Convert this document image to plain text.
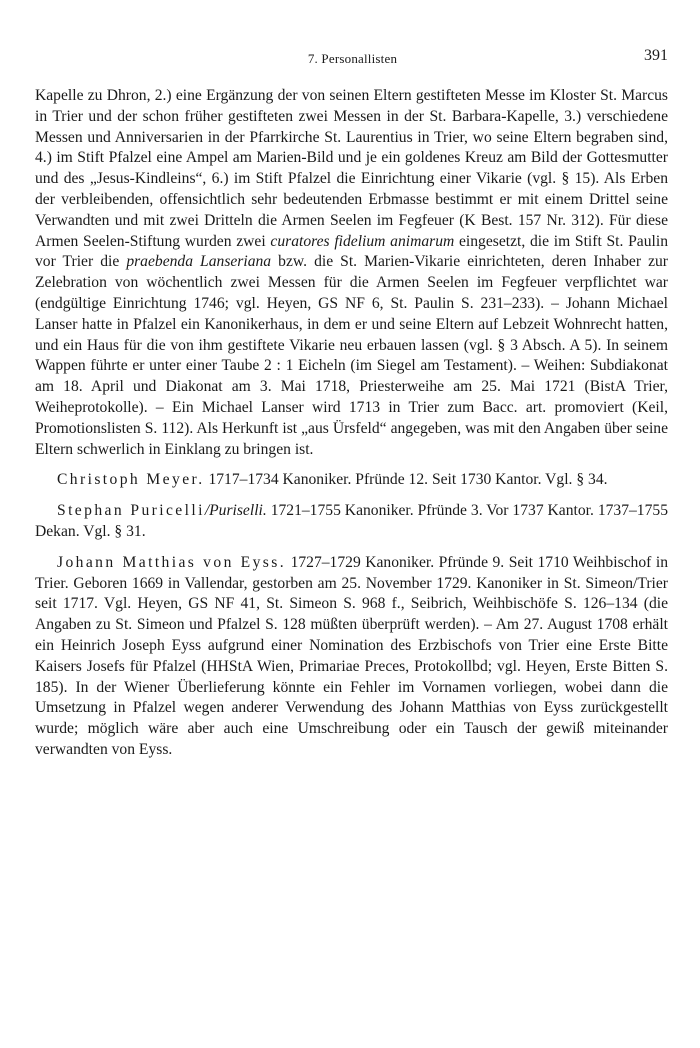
7. Personallisten	391

Kapelle zu Dhron, 2.) eine Ergänzung der von seinen Eltern gestifteten Messe im Kloster St. Marcus in Trier und der schon früher gestifteten zwei Messen in der St. Barbara-Kapelle, 3.) verschiedene Messen und Anniversarien in der Pfarrkirche St. Laurentius in Trier, wo seine Eltern begraben sind, 4.) im Stift Pfalzel eine Ampel am Marien-Bild und je ein goldenes Kreuz am Bild der Gottesmutter und des „Jesus-Kindleins“, 6.) im Stift Pfalzel die Einrichtung einer Vikarie (vgl. § 15). Als Erben der verbleibenden, offensichtlich sehr bedeutenden Erbmasse bestimmt er mit einem Drittel seine Verwandten und mit zwei Dritteln die Armen Seelen im Fegfeuer (K Best. 157 Nr. 312). Für diese Armen Seelen-Stiftung wurden zwei curatores fidelium animarum eingesetzt, die im Stift St. Paulin vor Trier die praebenda Lanseriana bzw. die St. Marien-Vikarie einrichteten, deren Inhaber zur Zelebration von wöchentlich zwei Messen für die Armen Seelen im Fegfeuer verpflichtet war (endgültige Einrichtung 1746; vgl. Heyen, GS NF 6, St. Paulin S. 231–233). – Johann Michael Lanser hatte in Pfalzel ein Kanonikerhaus, in dem er und seine Eltern auf Lebzeit Wohnrecht hatten, und ein Haus für die von ihm gestiftete Vikarie neu erbauen lassen (vgl. § 3 Absch. A 5). In seinem Wappen führte er unter einer Taube 2 : 1 Eicheln (im Siegel am Testament). – Weihen: Subdiakonat am 18. April und Diakonat am 3. Mai 1718, Priesterweihe am 25. Mai 1721 (BistA Trier, Weiheprotokolle). – Ein Michael Lanser wird 1713 in Trier zum Bacc. art. promoviert (Keil, Promotionslisten S. 112). Als Herkunft ist „aus Ürsfeld“ angegeben, was mit den Angaben über seine Eltern schwerlich in Einklang zu bringen ist.

Christoph Meyer. 1717–1734 Kanoniker. Pfründe 12. Seit 1730 Kantor. Vgl. § 34.

Stephan Puricelli/Puriselli. 1721–1755 Kanoniker. Pfründe 3. Vor 1737 Kantor. 1737–1755 Dekan. Vgl. § 31.

Johann Matthias von Eyss. 1727–1729 Kanoniker. Pfründe 9. Seit 1710 Weihbischof in Trier. Geboren 1669 in Vallendar, gestorben am 25. November 1729. Kanoniker in St. Simeon/Trier seit 1717. Vgl. Heyen, GS NF 41, St. Simeon S. 968 f., Seibrich, Weihbischöfe S. 126–134 (die Angaben zu St. Simeon und Pfalzel S. 128 müßten überprüft werden). – Am 27. August 1708 erhält ein Heinrich Joseph Eyss aufgrund einer Nomination des Erzbischofs von Trier eine Erste Bitte Kaisers Josefs für Pfalzel (HHStA Wien, Primariae Preces, Protokollbd; vgl. Heyen, Erste Bitten S. 185). In der Wiener Überlieferung könnte ein Fehler im Vornamen vorliegen, wobei dann die Umsetzung in Pfalzel wegen anderer Verwendung des Johann Matthias von Eyss zurückgestellt wurde; möglich wäre aber auch eine Umschreibung oder ein Tausch der gewiß miteinander verwandten von Eyss.
